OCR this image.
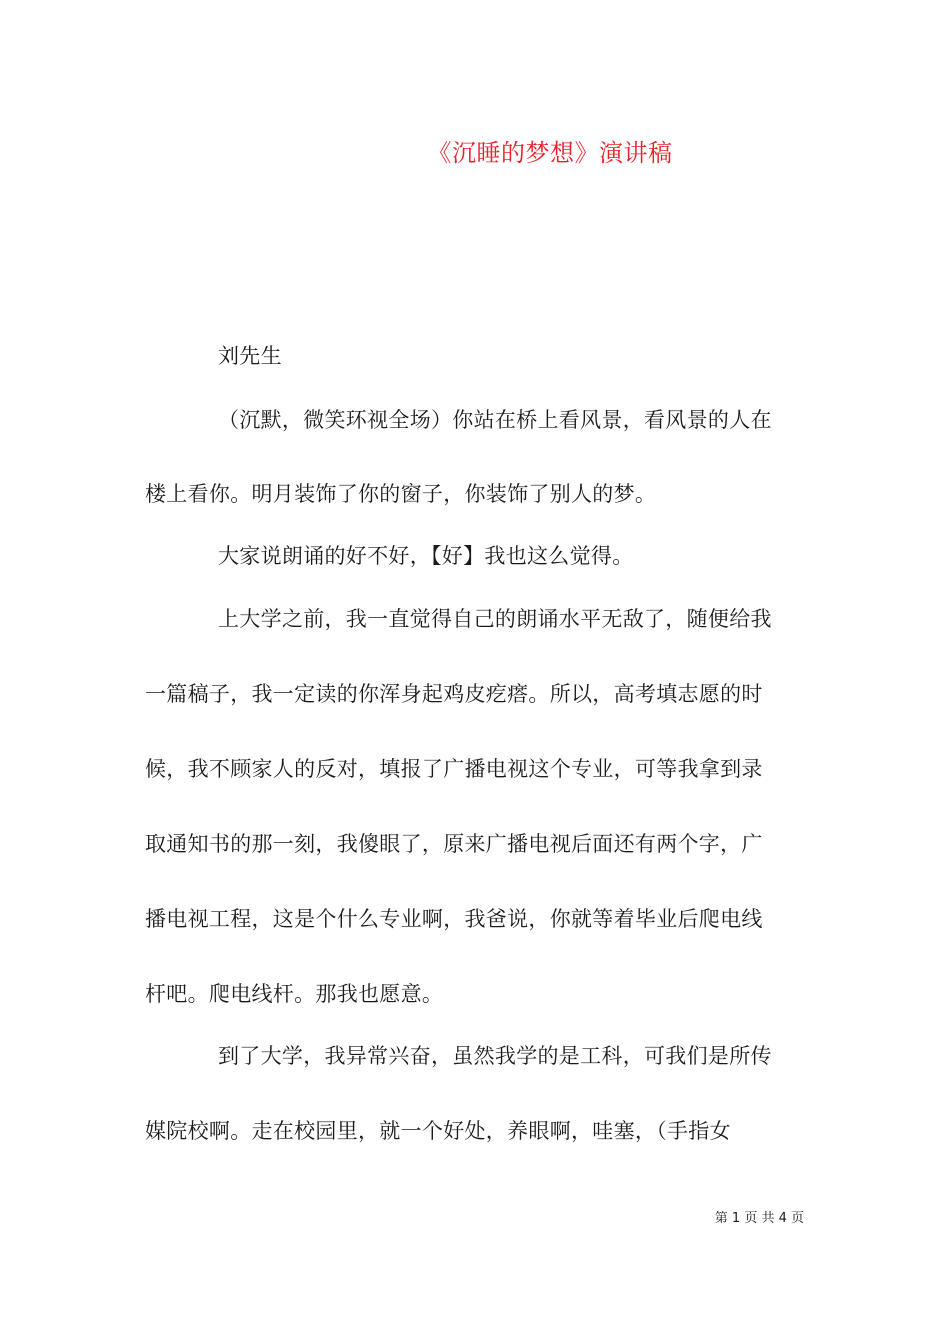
《沉睡的梦想》演讲稿
刘先生
（沉默，微笑环视全场）你站在桥上看风景，看风景的人在
楼上看你。明月装饰了你的窗子，你装饰了别人的梦。
大家说朗诵的好不好，【好】我也这么觉得。
上大学之前，我一直觉得自己的朗诵水平无敌了，随便给我
一篇稿子，我一定读的你浑身起鸡皮疙瘩。所以，高考填志愿的时
候，我不顾家人的反对，填报了广播电视这个专业，可等我拿到录
取通知书的那一刻，我傻眼了，原来广播电视后面还有两个字，广
播电视工程，这是个什么专业啊，我爸说，你就等着毕业后爬电线
杆吧。爬电线杆。那我也愿意。
到了大学，我异常兴奋，虽然我学的是工科，可我们是所传
媒院校啊。走在校园里，就一个好处，养眼啊，哇塞，（手指女
第 1 页 共 4 页
